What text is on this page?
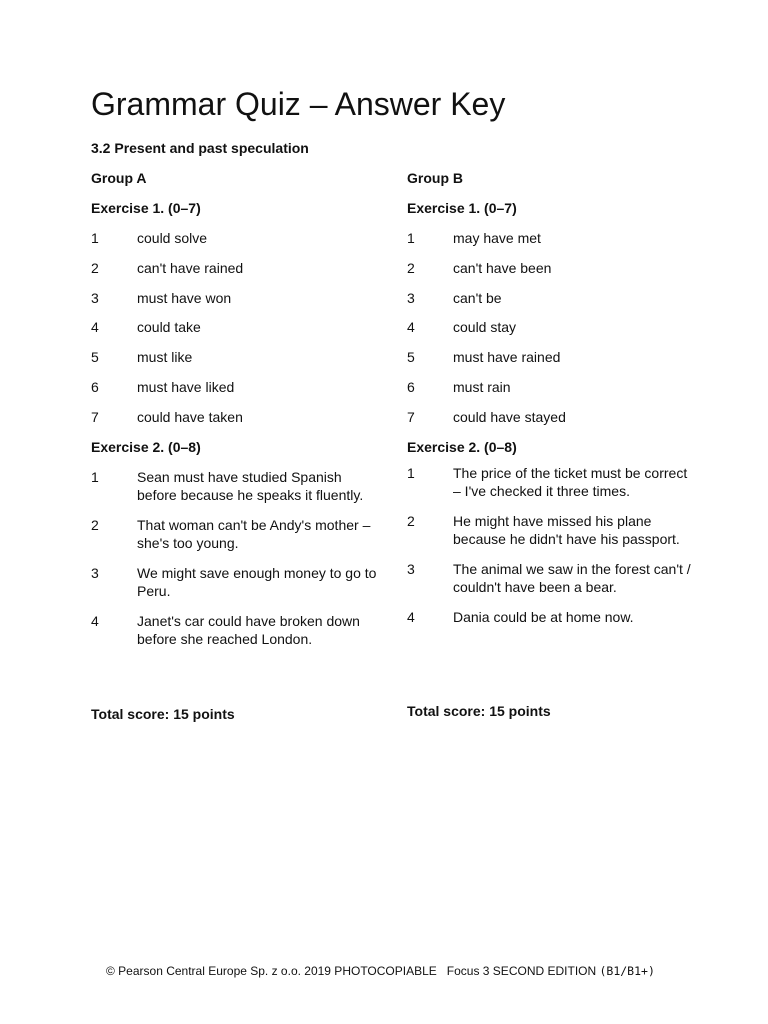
Grammar Quiz – Answer Key
3.2 Present and past speculation
Group A
Exercise 1. (0–7)
1	could solve
2	can't have rained
3	must have won
4	could take
5	must like
6	must have liked
7	could have taken
Exercise 2. (0–8)
1	Sean must have studied Spanish before because he speaks it fluently.
2	That woman can't be Andy's mother – she's too young.
3	We might save enough money to go to Peru.
4	Janet's car could have broken down before she reached London.
Total score: 15 points
Group B
Exercise 1. (0–7)
1	may have met
2	can't have been
3	can't be
4	could stay
5	must have rained
6	must rain
7	could have stayed
Exercise 2. (0–8)
1	The price of the ticket must be correct – I've checked it three times.
2	He might have missed his plane because he didn't have his passport.
3	The animal we saw in the forest can't / couldn't have been a bear.
4	Dania could be at home now.
Total score: 15 points
© Pearson Central Europe Sp. z o.o. 2019 PHOTOCOPIABLE   Focus 3 SECOND EDITION (B1/B1+)
